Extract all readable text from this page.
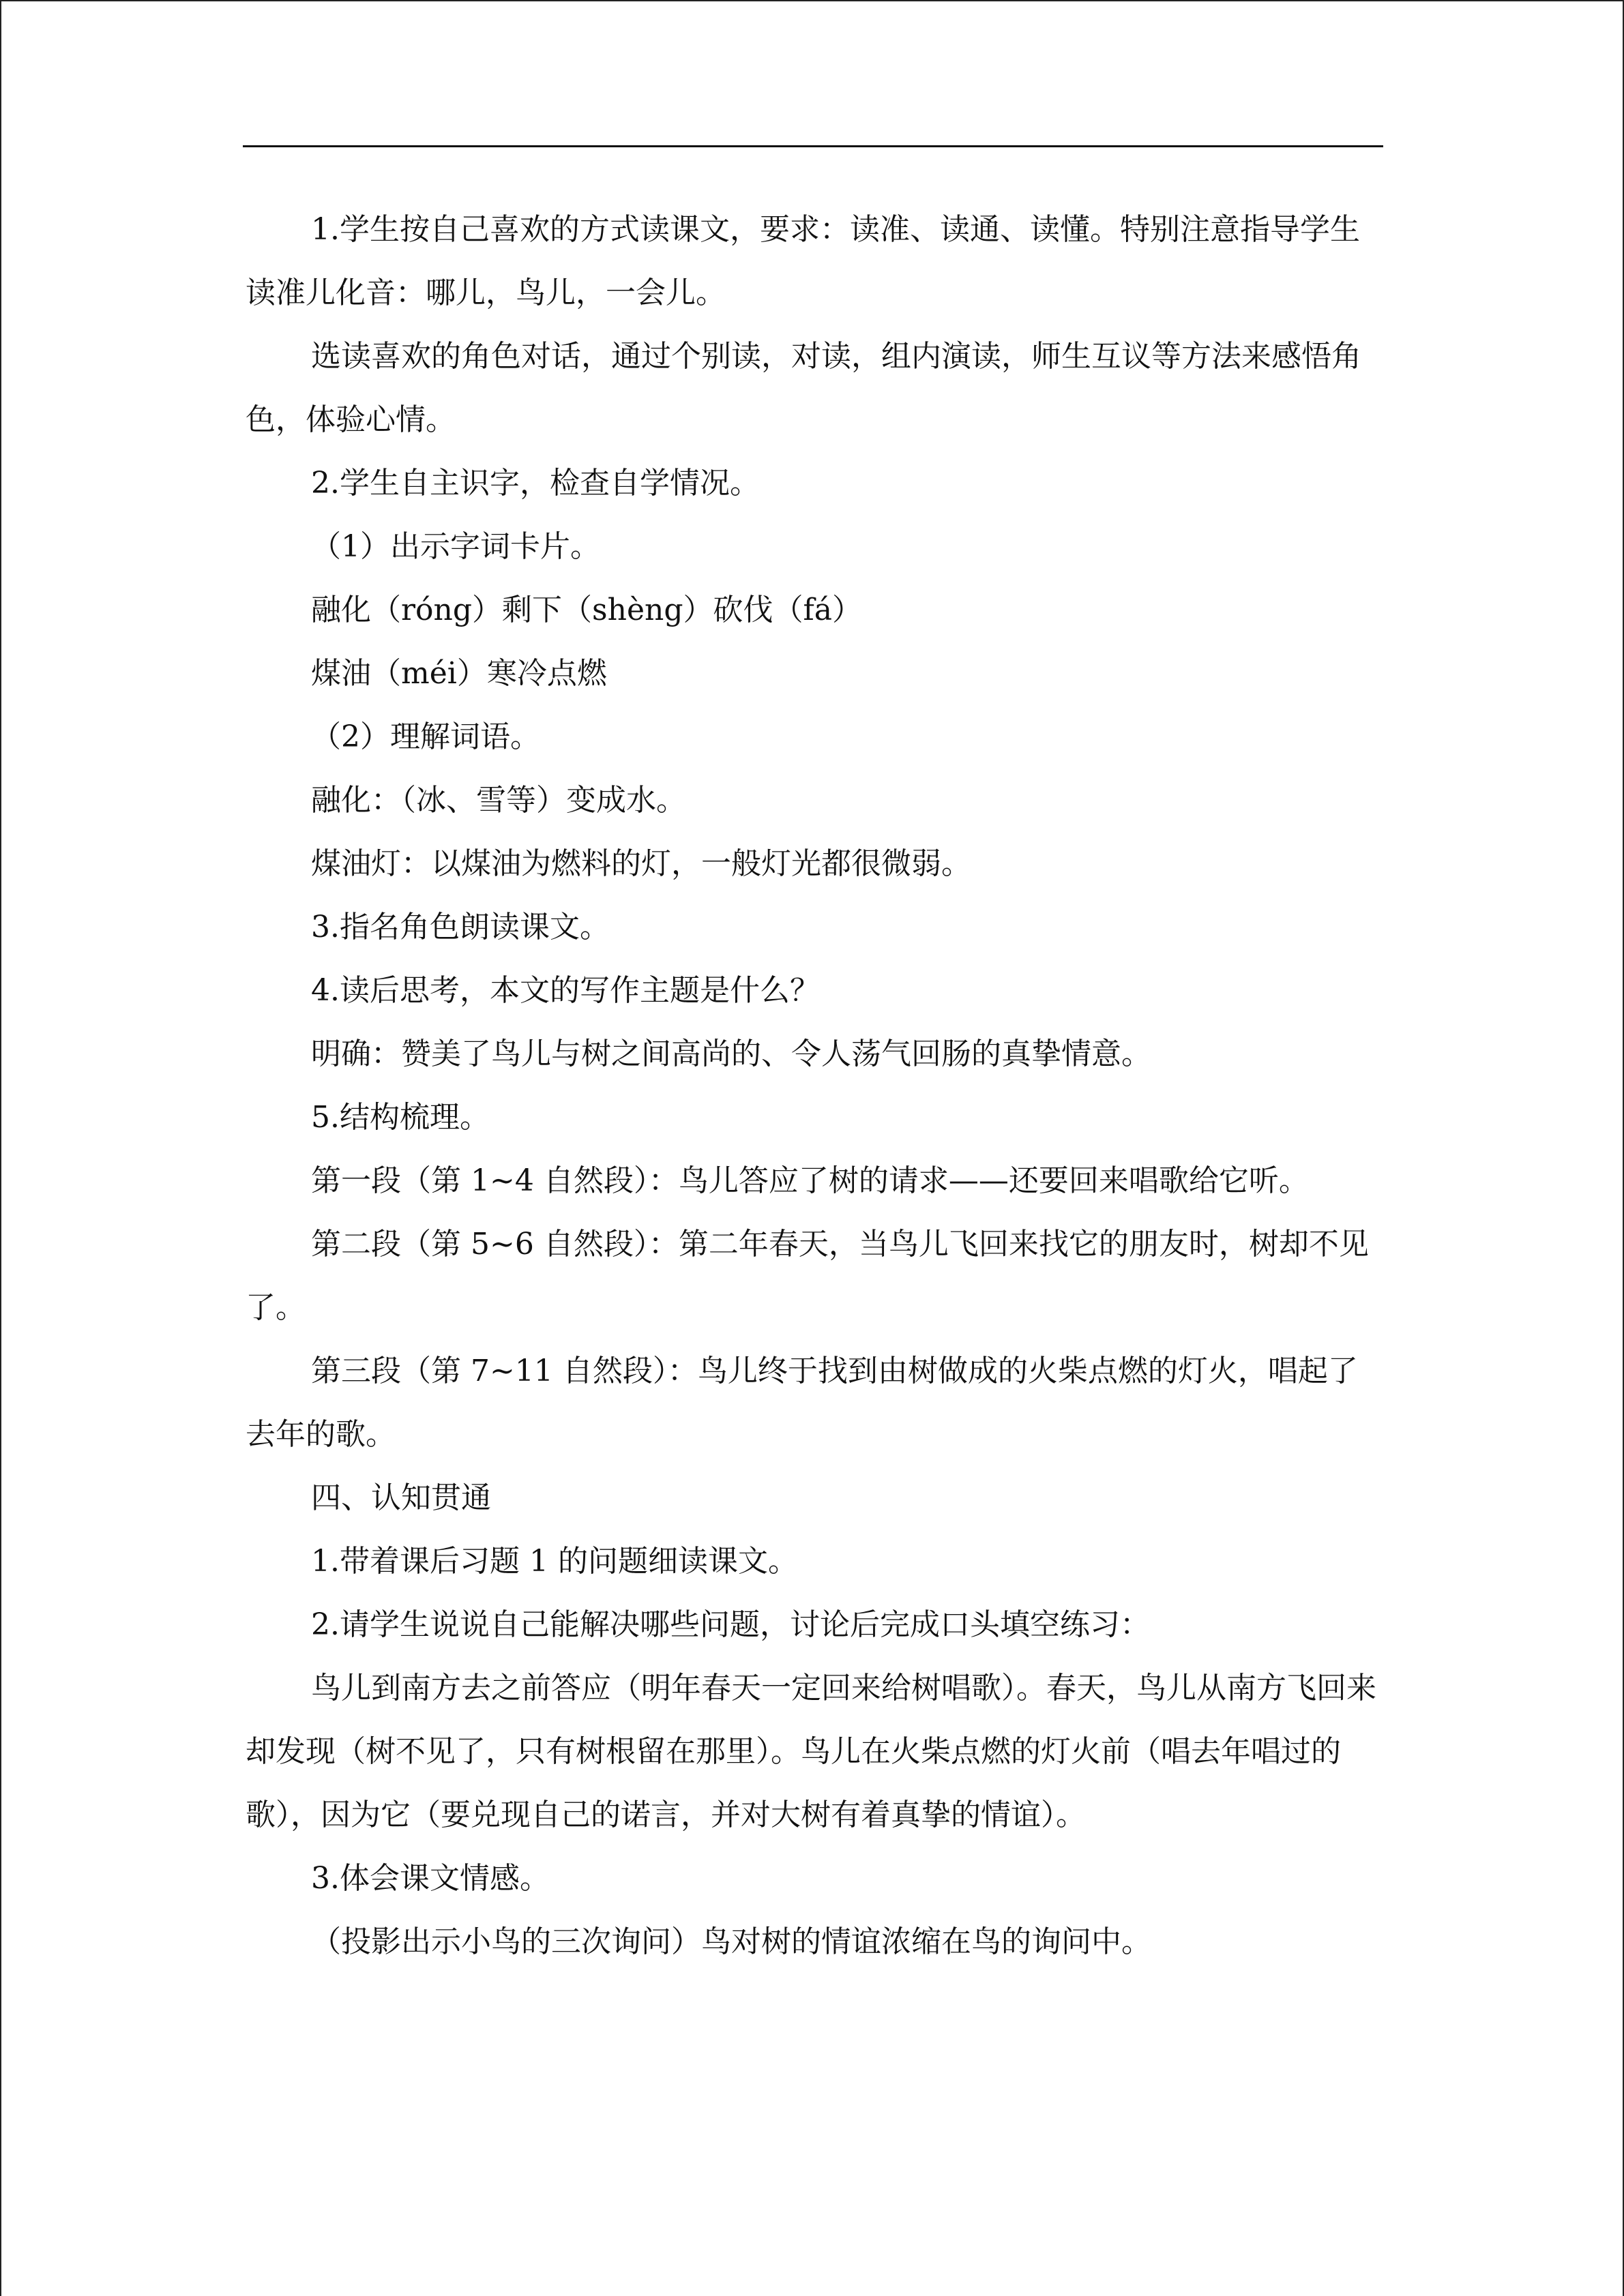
1.学生按自己喜欢的方式读课文，要求：读准、读通、读懂。特别注意指导学生读准儿化音：哪儿，鸟儿，一会儿。

选读喜欢的角色对话，通过个别读，对读，组内演读，师生互议等方法来感悟角色，体验心情。

2.学生自主识字，检查自学情况。

（1）出示字词卡片。

融化（róng）剩下（shèng）砍伐（fá）

煤油（méi）寒冷点燃

（2）理解词语。

融化：（冰、雪等）变成水。

煤油灯：以煤油为燃料的灯，一般灯光都很微弱。

3.指名角色朗读课文。

4.读后思考，本文的写作主题是什么？

明确：赞美了鸟儿与树之间高尚的、令人荡气回肠的真挚情意。

5.结构梳理。

第一段（第 1~4 自然段）：鸟儿答应了树的请求——还要回来唱歌给它听。

第二段（第 5~6 自然段）：第二年春天，当鸟儿飞回来找它的朋友时，树却不见了。

第三段（第 7~11 自然段）：鸟儿终于找到由树做成的火柴点燃的灯火，唱起了去年的歌。

四、认知贯通

1.带着课后习题 1 的问题细读课文。

2.请学生说说自己能解决哪些问题，讨论后完成口头填空练习：

鸟儿到南方去之前答应（明年春天一定回来给树唱歌）。春天，鸟儿从南方飞回来却发现（树不见了，只有树根留在那里）。鸟儿在火柴点燃的灯火前（唱去年唱过的歌），因为它（要兑现自己的诺言，并对大树有着真挚的情谊）。

3.体会课文情感。

（投影出示小鸟的三次询问）鸟对树的情谊浓缩在鸟的询问中。
